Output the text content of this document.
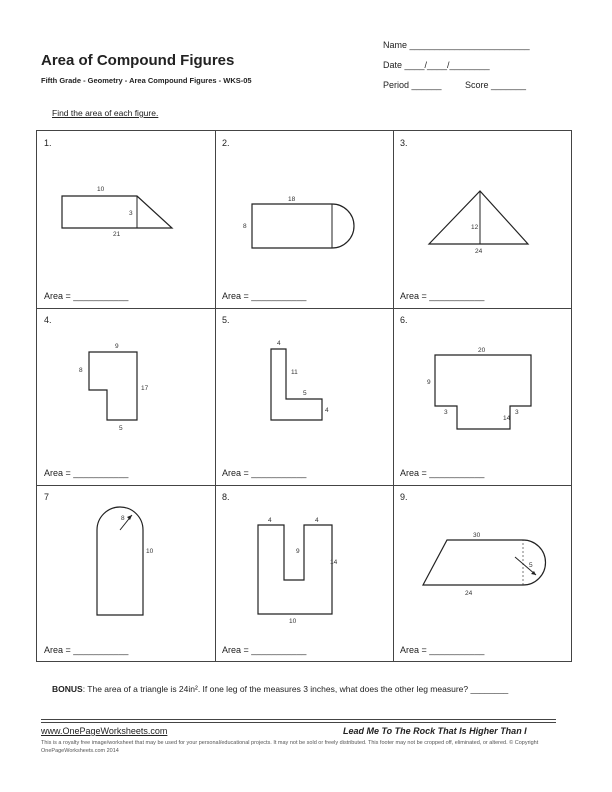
Area of Compound Figures
Fifth Grade - Geometry - Area Compound Figures - WKS-05
Name ________________________
Date ____/____/________
Period ______	Score _______
Find the area of each figure.
1.
10
3
21
Area = ___________
2.
18
8
Area = ___________
3.
12
24
Area = ___________
4.
9
8
17
5
Area = ___________
5.
4
11
5
4
Area = ___________
6.
20
9
3	3
14
Area = ___________
7
8
10
Area = ___________
8.
4	4
9
14
10
Area = ___________
9.
30
5
24
Area = ___________
BONUS: The area of a triangle is 24in². If one leg of the measures 3 inches, what does the other leg measure? ________
www.OnePageWorksheets.com	Lead Me To The Rock That Is Higher Than I
This is a royalty free image/worksheet that may be used for your personal/educational projects. It may not be sold or freely distributed. This footer may not be cropped off, eliminated, or altered. © Copyright OnePageWorksheets.com 2014
